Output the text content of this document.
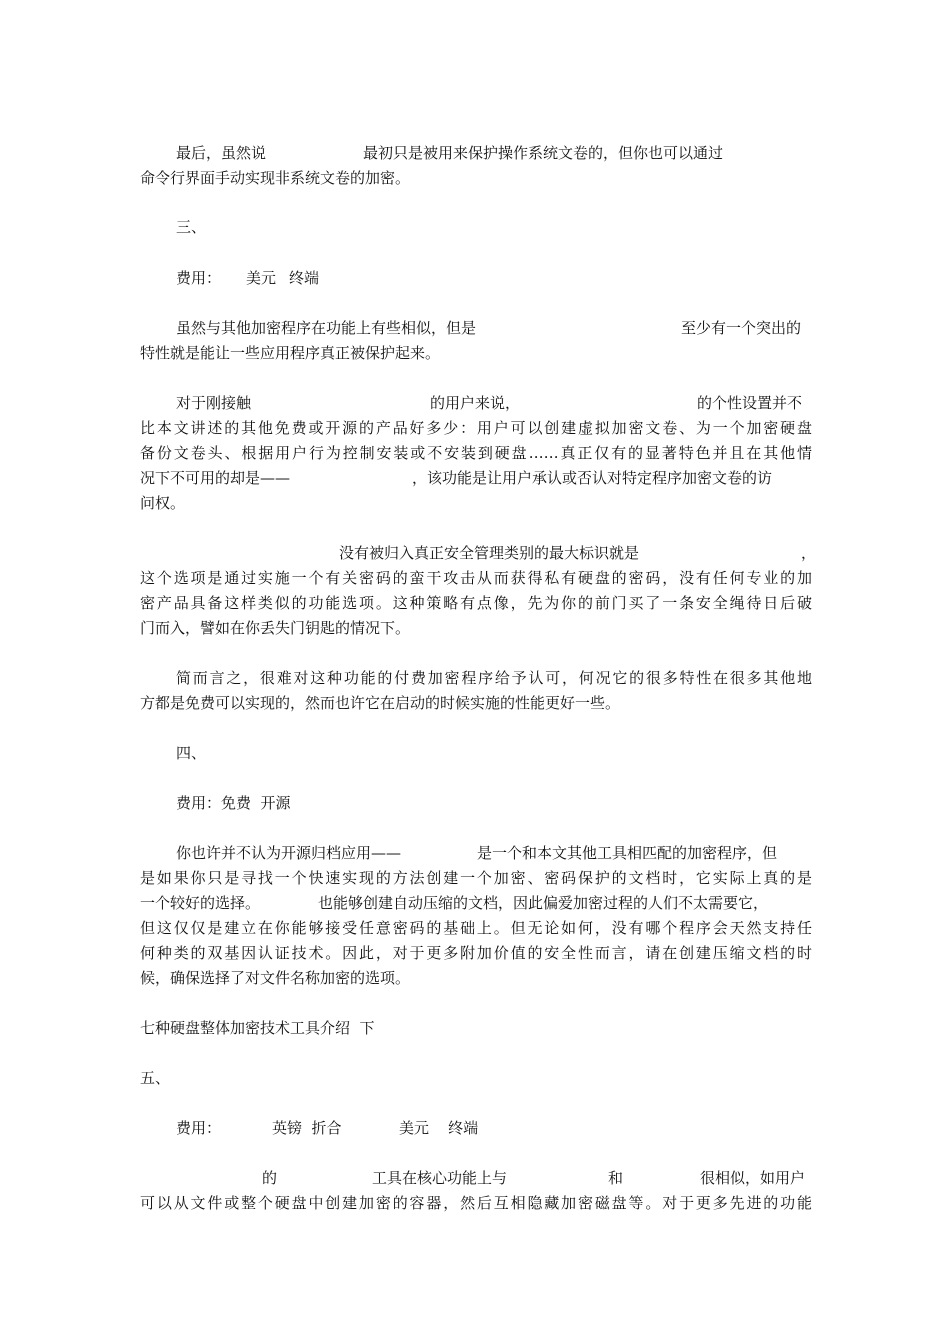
最后，虽然说	最初只是被用来保护操作系统文卷的，但你也可以通过

命令行界面手动实现非系统文卷的加密。

三、

费用： 美元 终端
虽然与其他加密程序在功能上有些相似，但是	至少有一个突出的

特性就是能让一些应用程序真正被保护起来。

对于刚接触	的用户来说，	的个性设置并不

比本文讲述的其他免费或开源的产品好多少：用户可以创建虚拟加密文卷、为一个加密硬盘

备份文卷头、根据用户行为控制安装或不安装到硬盘……真正仅有的显著特色并且在其他情

况下不可用的却是——	，该功能是让用户承认或否认对特定程序加密文卷的访

问权。

没有被归入真正安全管理类别的最大标识就是	，

这个选项是通过实施一个有关密码的蛮干攻击从而获得私有硬盘的密码，没有任何专业的加

密产品具备这样类似的功能选项。这种策略有点像，先为你的前门买了一条安全绳待日后破

门而入，譬如在你丢失门钥匙的情况下。

简而言之，很难对这种功能的付费加密程序给予认可，何况它的很多特性在很多其他地

方都是免费可以实现的，然而也许它在启动的时候实施的性能更好一些。

四、

费用：免费  开源

你也许并不认为开源归档应用——	是一个和本文其他工具相匹配的加密程序，但

是如果你只是寻找一个快速实现的方法创建一个加密、密码保护的文档时，它实际上真的是

一个较好的选择。	也能够创建自动压缩的文档，因此偏爱加密过程的人们不太需要它，

但这仅仅是建立在你能够接受任意密码的基础上。但无论如何，没有哪个程序会天然支持任

何种类的双基因认证技术。因此，对于更多附加价值的安全性而言，请在创建压缩文档的时

候，确保选择了对文件名称加密的选项。

七种硬盘整体加密技术工具介绍  下

五、

费用：	英镑  折合	美元    终端
的	工具在核心功能上与	和	很相似，如用户

可以从文件或整个硬盘中创建加密的容器，然后互相隐藏加密磁盘等。对于更多先进的功能
